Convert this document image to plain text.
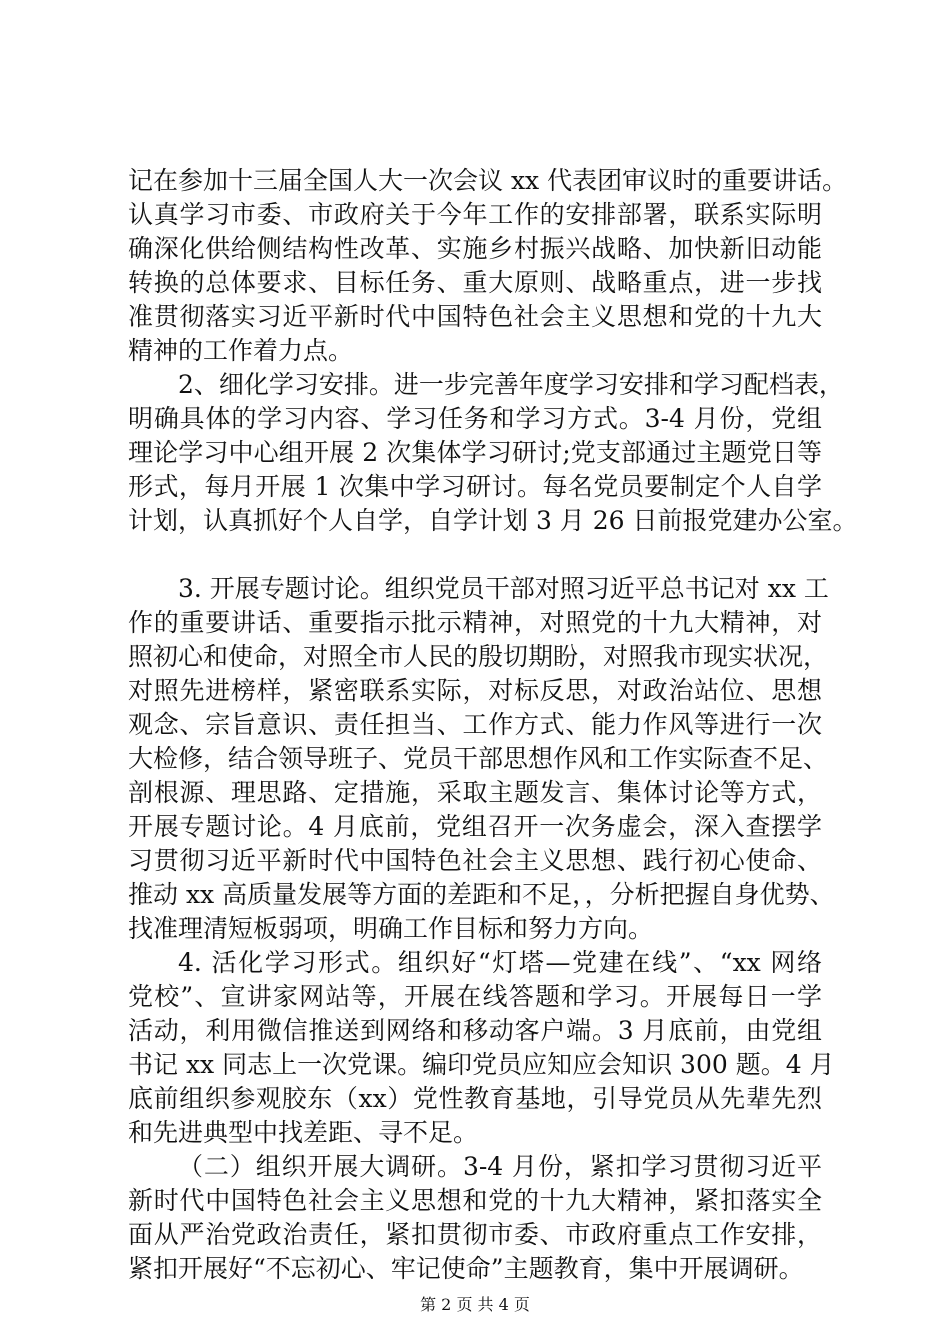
记在参加十三届全国人大一次会议 xx 代表团审议时的重要讲话。
认真学习市委、市政府关于今年工作的安排部署，联系实际明
确深化供给侧结构性改革、实施乡村振兴战略、加快新旧动能
转换的总体要求、目标任务、重大原则、战略重点，进一步找
准贯彻落实习近平新时代中国特色社会主义思想和党的十九大
精神的工作着力点。
2、细化学习安排。进一步完善年度学习安排和学习配档表，
明确具体的学习内容、学习任务和学习方式。3-4 月份，党组
理论学习中心组开展 2 次集体学习研讨;党支部通过主题党日等
形式，每月开展 1 次集中学习研讨。每名党员要制定个人自学
计划，认真抓好个人自学，自学计划 3 月 26 日前报党建办公室。
3. 开展专题讨论。组织党员干部对照习近平总书记对 xx 工
作的重要讲话、重要指示批示精神，对照党的十九大精神，对
照初心和使命，对照全市人民的殷切期盼，对照我市现实状况，
对照先进榜样，紧密联系实际，对标反思，对政治站位、思想
观念、宗旨意识、责任担当、工作方式、能力作风等进行一次
大检修，结合领导班子、党员干部思想作风和工作实际查不足、
剖根源、理思路、定措施，采取主题发言、集体讨论等方式，
开展专题讨论。4 月底前，党组召开一次务虚会，深入查摆学
习贯彻习近平新时代中国特色社会主义思想、践行初心使命、
推动 xx 高质量发展等方面的差距和不足，，分析把握自身优势、
找准理清短板弱项，明确工作目标和努力方向。
4. 活化学习形式。组织好“灯塔—党建在线”、“xx 网络
党校”、宣讲家网站等，开展在线答题和学习。开展每日一学
活动，利用微信推送到网络和移动客户端。3 月底前，由党组
书记 xx 同志上一次党课。编印党员应知应会知识 300 题。4 月
底前组织参观胶东（xx）党性教育基地，引导党员从先辈先烈
和先进典型中找差距、寻不足。
（二）组织开展大调研。3-4 月份，紧扣学习贯彻习近平
新时代中国特色社会主义思想和党的十九大精神，紧扣落实全
面从严治党政治责任，紧扣贯彻市委、市政府重点工作安排，
紧扣开展好“不忘初心、牢记使命”主题教育，集中开展调研。
第 2 页 共 4 页
